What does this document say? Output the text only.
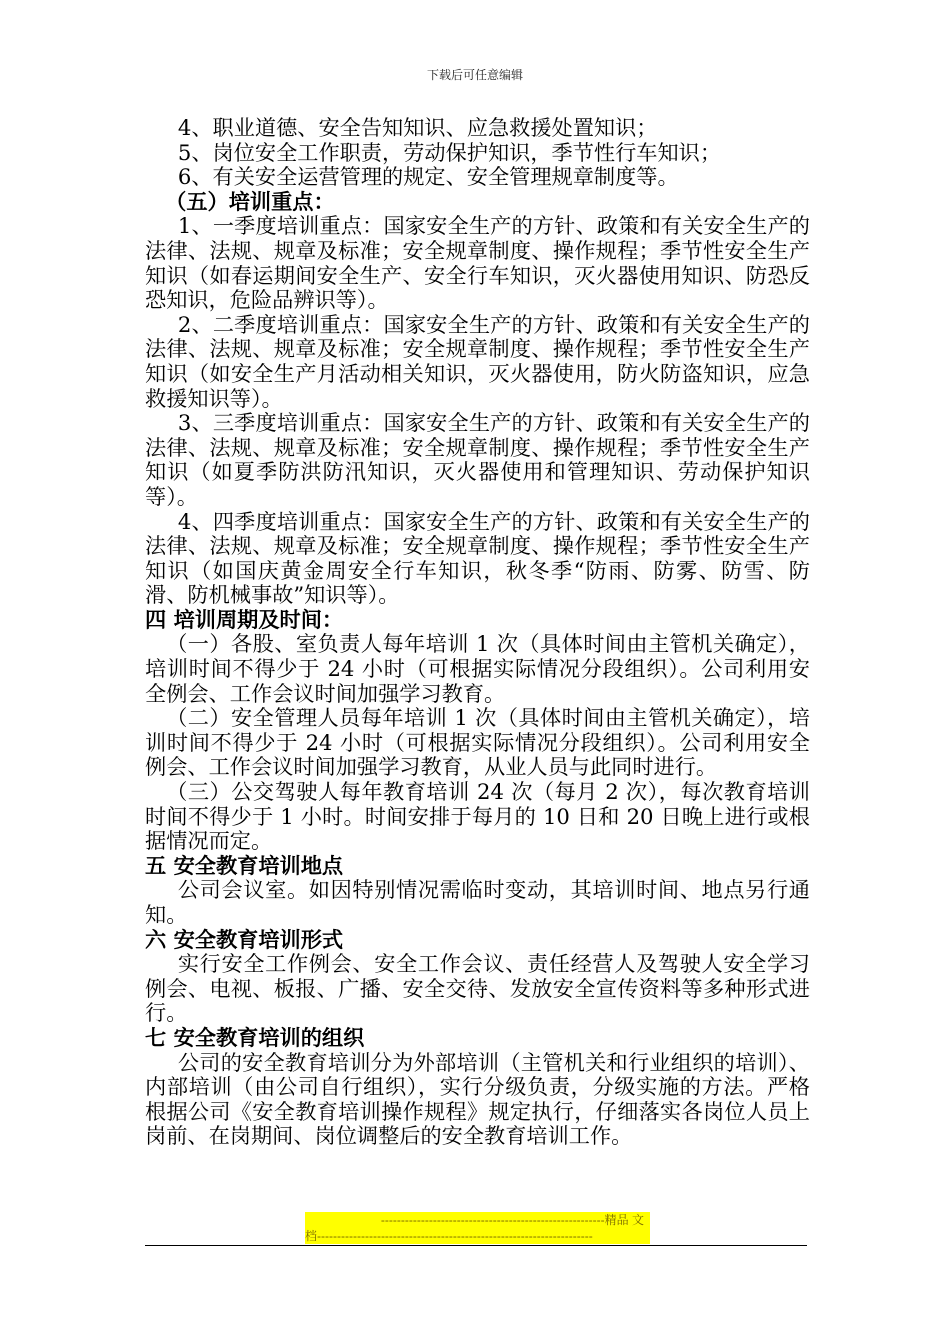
下载后可任意编辑

4、职业道德、安全告知知识、应急救援处置知识；

5、岗位安全工作职责，劳动保护知识，季节性行车知识；

6、有关安全运营管理的规定、安全管理规章制度等。

（五）培训重点：

1、一季度培训重点：国家安全生产的方针、政策和有关安全生产的法律、法规、规章及标准；安全规章制度、操作规程；季节性安全生产知识（如春运期间安全生产、安全行车知识，灭火器使用知识、防恐反恐知识，危险品辨识等）。

2、二季度培训重点：国家安全生产的方针、政策和有关安全生产的法律、法规、规章及标准；安全规章制度、操作规程；季节性安全生产知识（如安全生产月活动相关知识，灭火器使用，防火防盗知识，应急救援知识等）。

3、三季度培训重点：国家安全生产的方针、政策和有关安全生产的法律、法规、规章及标准；安全规章制度、操作规程；季节性安全生产知识（如夏季防洪防汛知识，灭火器使用和管理知识、劳动保护知识等）。

4、四季度培训重点：国家安全生产的方针、政策和有关安全生产的法律、法规、规章及标准；安全规章制度、操作规程；季节性安全生产知识（如国庆黄金周安全行车知识，秋冬季“防雨、防雾、防雪、防滑、防机械事故”知识等）。

四 培训周期及时间：

（一）各股、室负责人每年培训 1 次（具体时间由主管机关确定），培训时间不得少于 24 小时（可根据实际情况分段组织）。公司利用安全例会、工作会议时间加强学习教育。

（二）安全管理人员每年培训 1 次（具体时间由主管机关确定），培训时间不得少于 24 小时（可根据实际情况分段组织）。公司利用安全例会、工作会议时间加强学习教育，从业人员与此同时进行。

（三）公交驾驶人每年教育培训 24 次（每月 2 次），每次教育培训时间不得少于 1 小时。时间安排于每月的 10 日和 20 日晚上进行或根据情况而定。

五 安全教育培训地点

公司会议室。如因特别情况需临时变动，其培训时间、地点另行通知。

六 安全教育培训形式

实行安全工作例会、安全工作会议、责任经营人及驾驶人安全学习例会、电视、板报、广播、安全交待、发放安全宣传资料等多种形式进行。

七 安全教育培训的组织

公司的安全教育培训分为外部培训（主管机关和行业组织的培训）、内部培训（由公司自行组织），实行分级负责，分级实施的方法。严格根据公司《安全教育培训操作规程》规定执行，仔细落实各岗位人员上岗前、在岗期间、岗位调整后的安全教育培训工作。

--------------------------------------------------------精品 文
档---------------------------------------------------------------------
